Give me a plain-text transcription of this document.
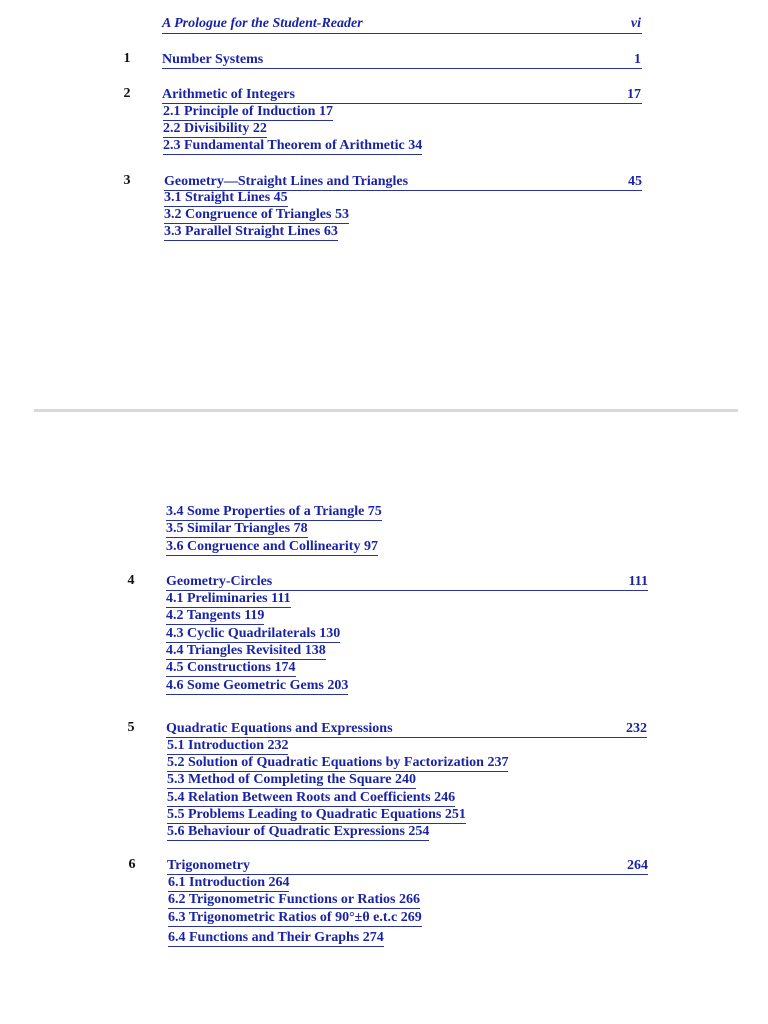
A Prologue for the Student-Reader	vi
1 Number Systems	1
2 Arithmetic of Integers	17
2.1 Principle of Induction 17
2.2 Divisibility 22
2.3 Fundamental Theorem of Arithmetic 34
3 Geometry—Straight Lines and Triangles	45
3.1 Straight Lines 45
3.2 Congruence of Triangles 53
3.3 Parallel Straight Lines 63
3.4 Some Properties of a Triangle 75
3.5 Similar Triangles 78
3.6 Congruence and Collinearity 97
4 Geometry-Circles	111
4.1 Preliminaries 111
4.2 Tangents 119
4.3 Cyclic Quadrilaterals 130
4.4 Triangles Revisited 138
4.5 Constructions 174
4.6 Some Geometric Gems 203
5 Quadratic Equations and Expressions	232
5.1 Introduction 232
5.2 Solution of Quadratic Equations by Factorization 237
5.3 Method of Completing the Square 240
5.4 Relation Between Roots and Coefficients 246
5.5 Problems Leading to Quadratic Equations 251
5.6 Behaviour of Quadratic Expressions 254
6 Trigonometry	264
6.1 Introduction 264
6.2 Trigonometric Functions or Ratios 266
6.3 Trigonometric Ratios of 90°±θ e.t.c 269
6.4 Functions and Their Graphs 274
